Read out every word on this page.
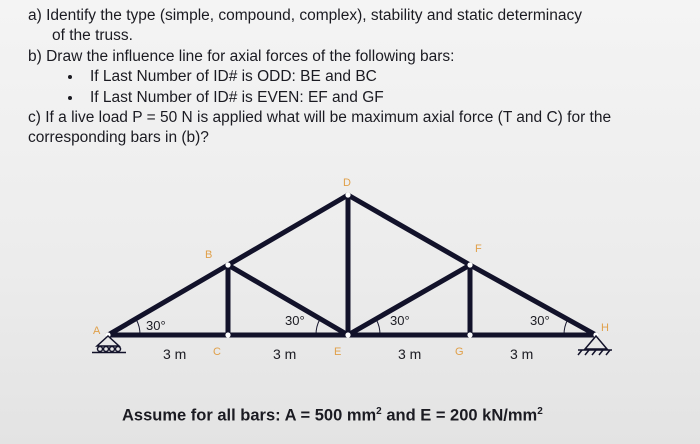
a) Identify the type (simple, compound, complex), stability and static determinacy
of the truss.
b) Draw the influence line for axial forces of the following bars:
If Last Number of ID# is ODD: BE and BC
If Last Number of ID# is EVEN: EF and GF
c) If a live load P = 50 N is applied what will be maximum axial force (T and C) for the
corresponding bars in (b)?
A
B
C
D
E
F
G
H
30°	30°	30°	30°
3 m	3 m	3 m	3 m
Assume for all bars: A = 500 $mm^2$ and E = 200 $kN/mm^2$
